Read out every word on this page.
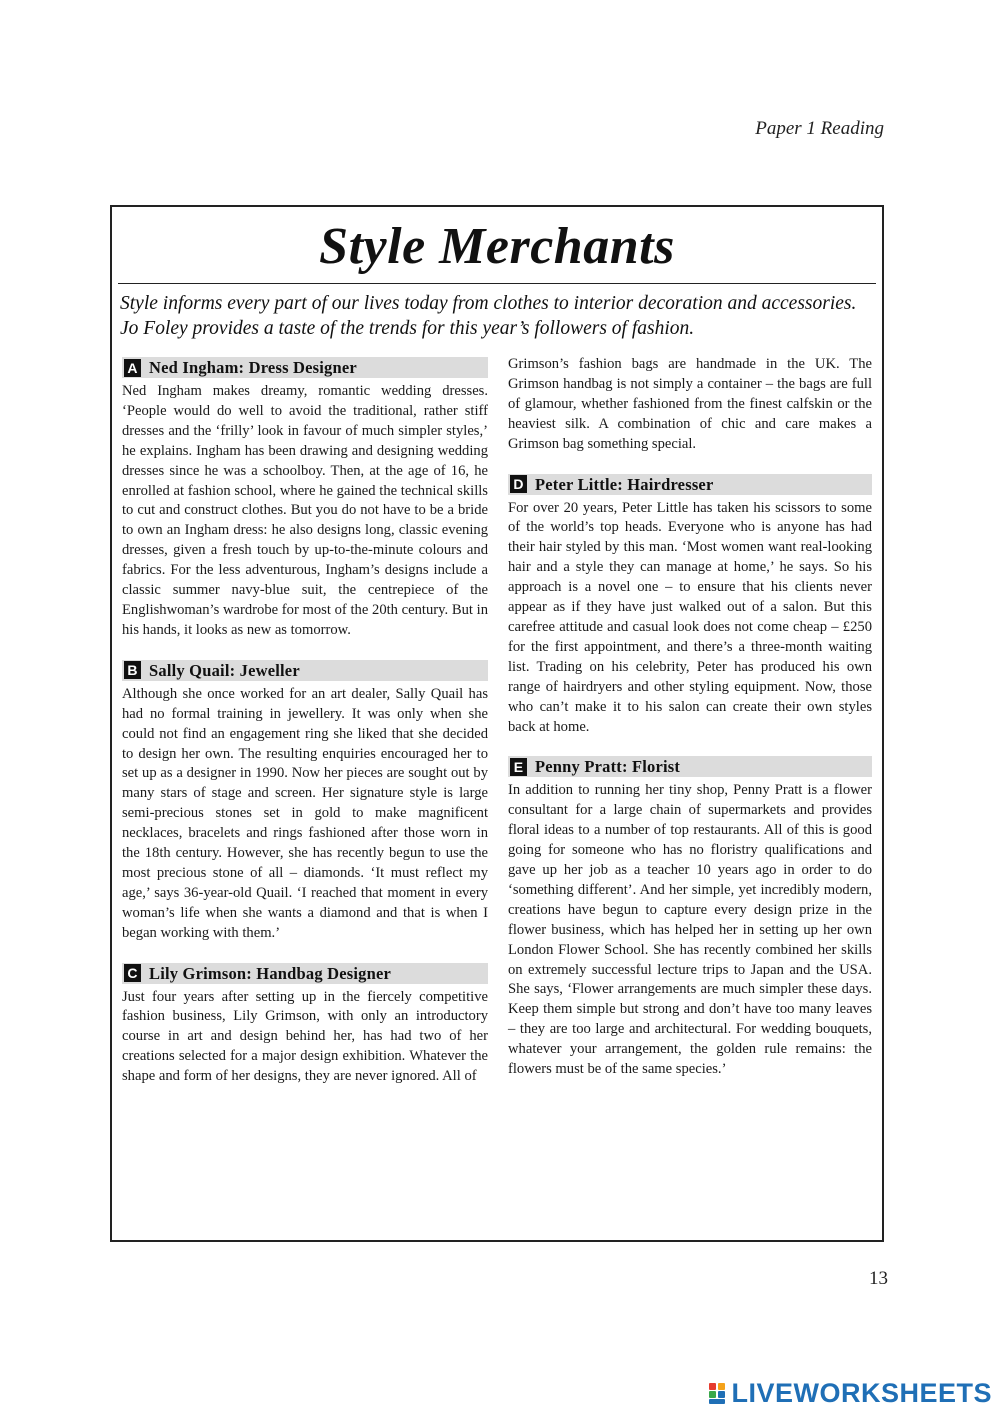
Paper 1 Reading
Style Merchants
Style informs every part of our lives today from clothes to interior decoration and accessories. Jo Foley provides a taste of the trends for this year’s followers of fashion.
A Ned Ingham: Dress Designer

Ned Ingham makes dreamy, romantic wedding dresses. ‘People would do well to avoid the traditional, rather stiff dresses and the ‘frilly’ look in favour of much simpler styles,’ he explains. Ingham has been drawing and designing wedding dresses since he was a schoolboy. Then, at the age of 16, he enrolled at fashion school, where he gained the technical skills to cut and construct clothes. But you do not have to be a bride to own an Ingham dress: he also designs long, classic evening dresses, given a fresh touch by up-to-the-minute colours and fabrics. For the less adventurous, Ingham’s designs include a classic summer navy-blue suit, the centrepiece of the Englishwoman’s wardrobe for most of the 20th century. But in his hands, it looks as new as tomorrow.

B Sally Quail: Jeweller

Although she once worked for an art dealer, Sally Quail has had no formal training in jewellery. It was only when she could not find an engagement ring she liked that she decided to design her own. The resulting enquiries encouraged her to set up as a designer in 1990. Now her pieces are sought out by many stars of stage and screen. Her signature style is large semi-precious stones set in gold to make magnificent necklaces, bracelets and rings fashioned after those worn in the 18th century. However, she has recently begun to use the most precious stone of all – diamonds. ‘It must reflect my age,’ says 36-year-old Quail. ‘I reached that moment in every woman’s life when she wants a diamond and that is when I began working with them.’

C Lily Grimson: Handbag Designer

Just four years after setting up in the fiercely competitive fashion business, Lily Grimson, with only an introductory course in art and design behind her, has had two of her creations selected for a major design exhibition. Whatever the shape and form of her designs, they are never ignored. All of

Grimson’s fashion bags are handmade in the UK. The Grimson handbag is not simply a container – the bags are full of glamour, whether fashioned from the finest calfskin or the heaviest silk. A combination of chic and care makes a Grimson bag something special.

D Peter Little: Hairdresser

For over 20 years, Peter Little has taken his scissors to some of the world’s top heads. Everyone who is anyone has had their hair styled by this man. ‘Most women want real-looking hair and a style they can manage at home,’ he says. So his approach is a novel one – to ensure that his clients never appear as if they have just walked out of a salon. But this carefree attitude and casual look does not come cheap – £250 for the first appointment, and there’s a three-month waiting list. Trading on his celebrity, Peter has produced his own range of hairdryers and other styling equipment. Now, those who can’t make it to his salon can create their own styles back at home.

E Penny Pratt: Florist

In addition to running her tiny shop, Penny Pratt is a flower consultant for a large chain of supermarkets and provides floral ideas to a number of top restaurants. All of this is good going for someone who has no floristry qualifications and gave up her job as a teacher 10 years ago in order to do ‘something different’. And her simple, yet incredibly modern, creations have begun to capture every design prize in the flower business, which has helped her in setting up her own London Flower School. She has recently combined her skills on extremely successful lecture trips to Japan and the USA. She says, ‘Flower arrangements are much simpler these days. Keep them simple but strong and don’t have too many leaves – they are too large and architectural. For wedding bouquets, whatever your arrangement, the golden rule remains: the flowers must be of the same species.’

13
LIVEWORKSHEETS
